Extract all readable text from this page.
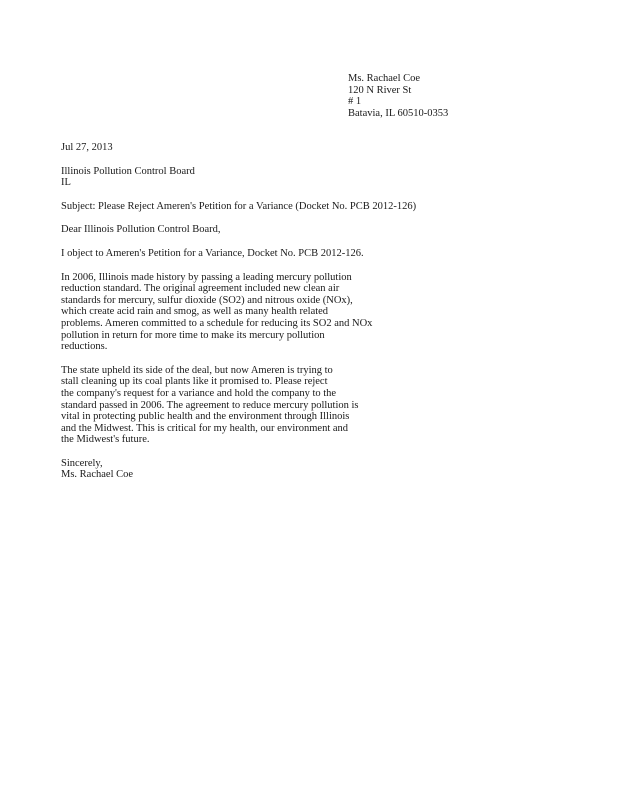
Ms. Rachael Coe
120 N River St
# 1
Batavia, IL 60510-0353
Jul 27, 2013
Illinois Pollution Control Board
IL
Subject: Please Reject Ameren's Petition for a Variance (Docket No. PCB 2012-126)
Dear Illinois Pollution Control Board,
I object to Ameren's Petition for a Variance, Docket No. PCB 2012-126.
In 2006, Illinois made history by passing a leading mercury pollution
reduction standard. The original agreement included new clean air
standards for mercury, sulfur dioxide (SO2) and nitrous oxide (NOx),
which create acid rain and smog, as well as many health related
problems. Ameren committed to a schedule for reducing its SO2 and NOx
pollution in return for more time to make its mercury pollution
reductions.
The state upheld its side of the deal, but now Ameren is trying to
stall cleaning up its coal plants like it promised to. Please reject
the company's request for a variance and hold the company to the
standard passed in 2006. The agreement to reduce mercury pollution is
vital in protecting public health and the environment through Illinois
and the Midwest. This is critical for my health, our environment and
the Midwest's future.
Sincerely,
Ms. Rachael Coe
